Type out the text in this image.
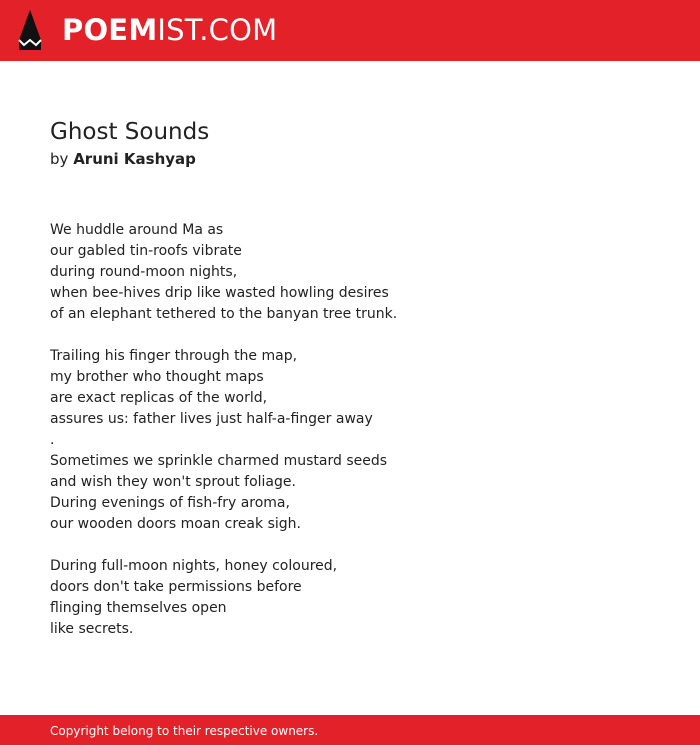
POEMIST.COM
Ghost Sounds
by Aruni Kashyap
We huddle around Ma as
our gabled tin-roofs vibrate
during round-moon nights,
when bee-hives drip like wasted howling desires
of an elephant tethered to the banyan tree trunk.
Trailing his finger through the map,
my brother who thought maps
are exact replicas of the world,
assures us: father lives just half-a-finger away
.
Sometimes we sprinkle charmed mustard seeds
and wish they won't sprout foliage.
During evenings of fish-fry aroma,
our wooden doors moan creak sigh.
During full-moon nights, honey coloured,
doors don't take permissions before
flinging themselves open
like secrets.
Copyright belong to their respective owners.
